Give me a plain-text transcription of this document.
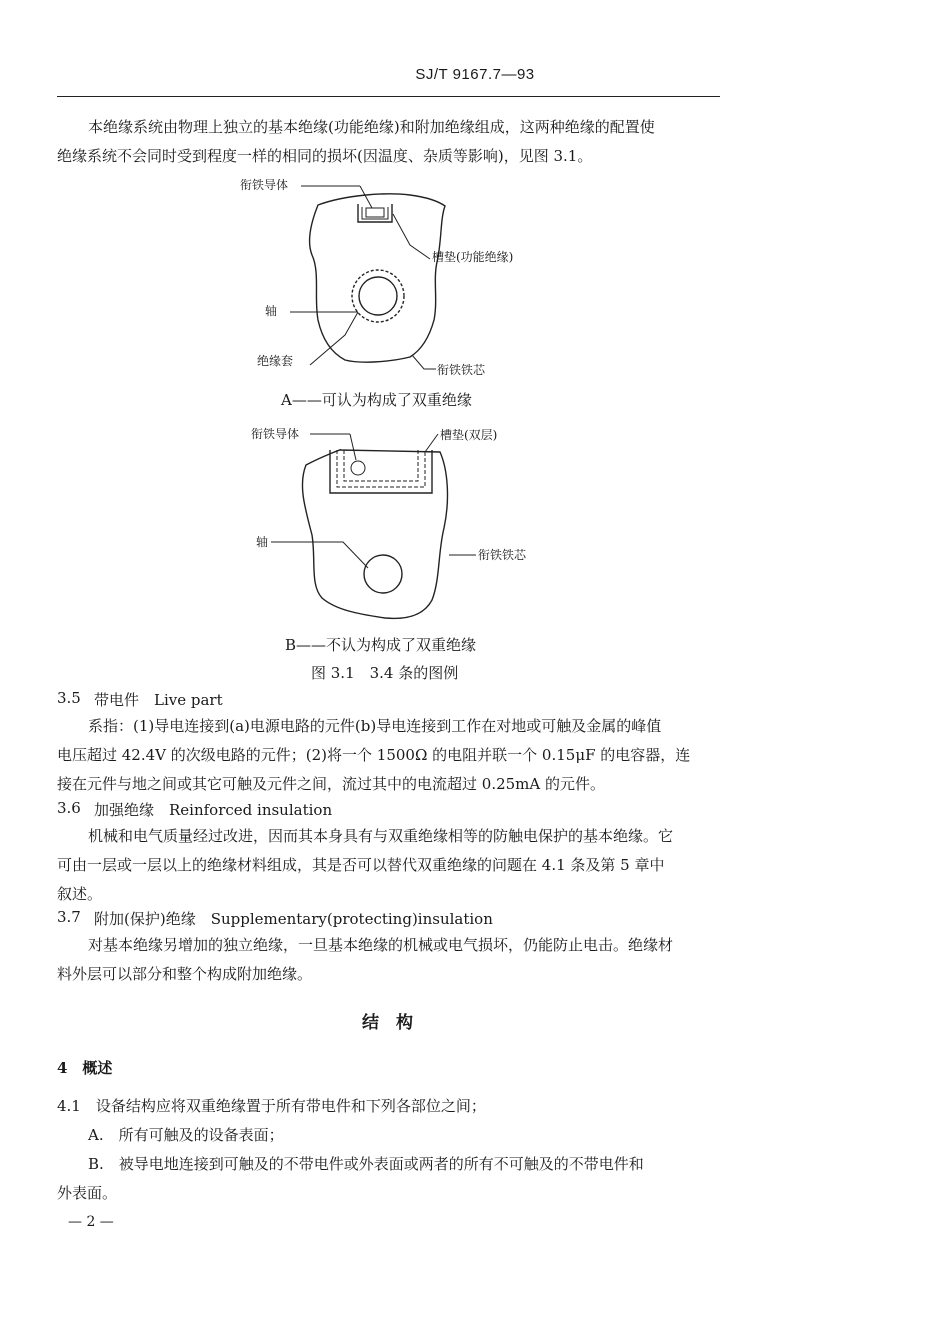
SJ/T 9167.7—93
本绝缘系统由物理上独立的基本绝缘(功能绝缘)和附加绝缘组成，这两种绝缘的配置使
绝缘系统不会同时受到程度一样的相同的损坏(因温度、杂质等影响)，见图 3.1。
衔铁导体
槽垫(功能绝缘)
轴
绝缘套
衔铁铁芯
A——可认为构成了双重绝缘
衔铁导体	槽垫(双层)
轴
衔铁铁芯
B——不认为构成了双重绝缘
图 3.1　3.4 条的图例
3.5 带电件　Live part
系指：(1)导电连接到(a)电源电路的元件(b)导电连接到工作在对地或可触及金属的峰值
电压超过 42.4V 的次级电路的元件；(2)将一个 1500Ω 的电阻并联一个 0.15μF 的电容器，连
接在元件与地之间或其它可触及元件之间，流过其中的电流超过 0.25mA 的元件。
3.6 加强绝缘　Reinforced insulation
机械和电气质量经过改进，因而其本身具有与双重绝缘相等的防触电保护的基本绝缘。它
可由一层或一层以上的绝缘材料组成，其是否可以替代双重绝缘的问题在 4.1 条及第 5 章中
叙述。
3.7 附加(保护)绝缘　Supplementary(protecting)insulation
对基本绝缘另增加的独立绝缘，一旦基本绝缘的机械或电气损坏，仍能防止电击。绝缘材
料外层可以部分和整个构成附加绝缘。
结　构
4　概述
4.1　设备结构应将双重绝缘置于所有带电件和下列各部位之间；
A.　所有可触及的设备表面；
B.　被导电地连接到可触及的不带电件或外表面或两者的所有不可触及的不带电件和
外表面。
— 2 —
